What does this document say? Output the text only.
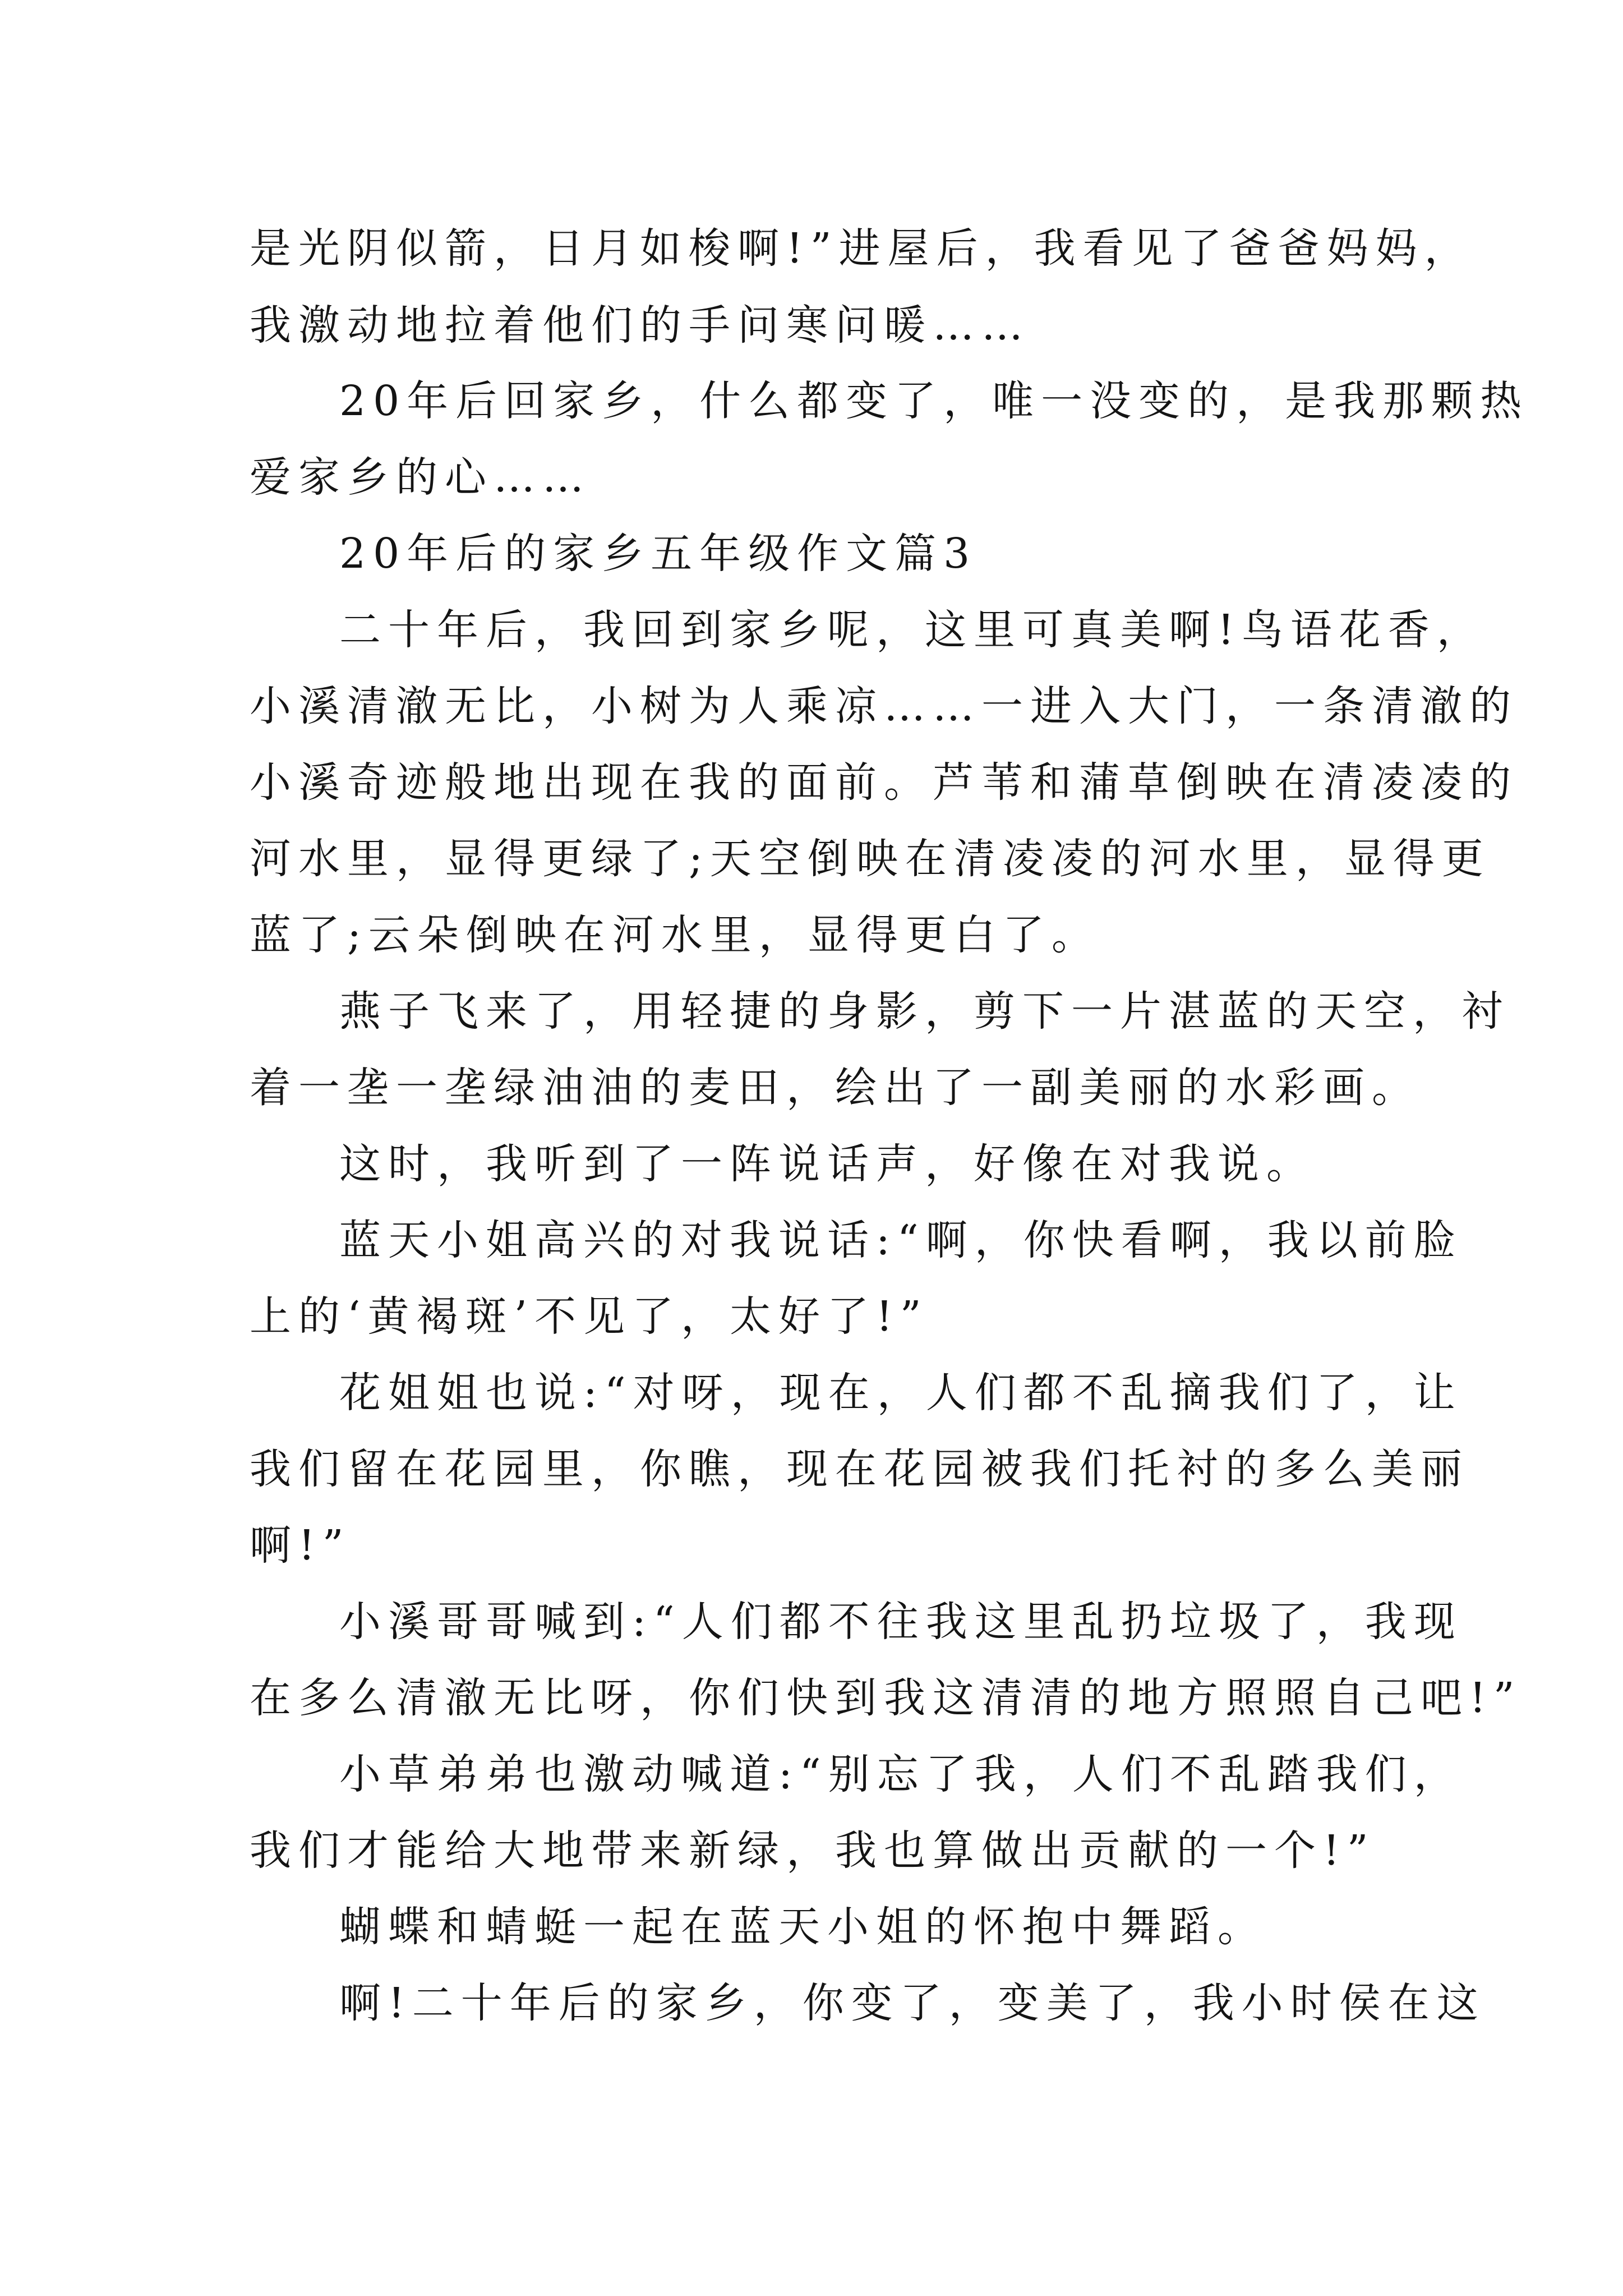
是光阴似箭，日月如梭啊!”进屋后，我看见了爸爸妈妈，
我激动地拉着他们的手问寒问暖……
20年后回家乡，什么都变了，唯一没变的，是我那颗热
爱家乡的心……
20年后的家乡五年级作文篇3
二十年后，我回到家乡呢，这里可真美啊!鸟语花香，
小溪清澈无比，小树为人乘凉……一进入大门，一条清澈的
小溪奇迹般地出现在我的面前。芦苇和蒲草倒映在清凌凌的
河水里，显得更绿了;天空倒映在清凌凌的河水里，显得更
蓝了;云朵倒映在河水里，显得更白了。
燕子飞来了，用轻捷的身影，剪下一片湛蓝的天空，衬
着一垄一垄绿油油的麦田，绘出了一副美丽的水彩画。
这时，我听到了一阵说话声，好像在对我说。
蓝天小姐高兴的对我说话:“啊，你快看啊，我以前脸
上的‘黄褐斑’不见了，太好了!”
花姐姐也说:“对呀，现在，人们都不乱摘我们了，让
我们留在花园里，你瞧，现在花园被我们托衬的多么美丽
啊!”
小溪哥哥喊到:“人们都不往我这里乱扔垃圾了，我现
在多么清澈无比呀，你们快到我这清清的地方照照自己吧!”
小草弟弟也激动喊道:“别忘了我，人们不乱踏我们，
我们才能给大地带来新绿，我也算做出贡献的一个!”
蝴蝶和蜻蜓一起在蓝天小姐的怀抱中舞蹈。
啊!二十年后的家乡，你变了，变美了，我小时侯在这
